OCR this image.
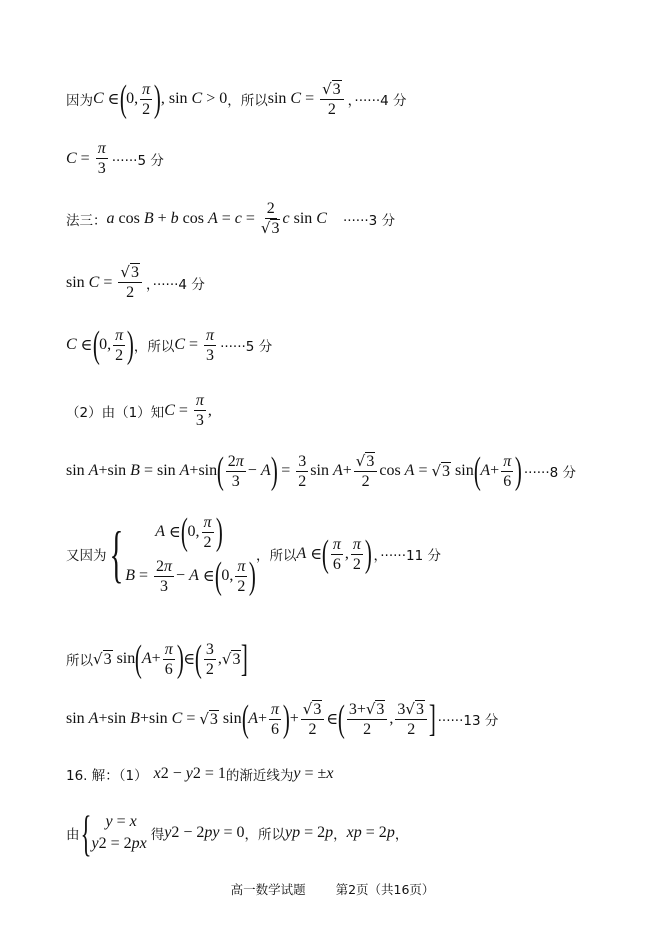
因为 C ∈ ( 0, $\frac{\pi}{2}$ ) , sin C > 0 ，所以 $\sin C = \frac{√3}{2}$ ，······4 分
$C = \frac{\pi}{3} \cdot\cdot\cdot\cdot\cdot\cdot 5$ 分
法三： a cos B + b $\cos A = c = \frac{2}{√3}$ c sin C ······3 分
$\sin C = \frac{√3}{2}$ ，······4 分
C ∈ ( 0, $\frac{\pi}{2}$ ) ，所以 $C = \frac{\pi}{3} \cdot\cdot\cdot\cdot\cdot\cdot 5$ 分
（2）由（1）知 $C = \frac{\pi}{3}$ ,
sin A +sin B = sin A +sin ( $\frac{2\pi}{3} - A$ ) = $\frac{3}{2}$ $\sin A + \frac{√3}{2}$ cos A = √ 3 sin ( $A + \frac{\pi}{6}$ ) ······8 分
又因为 { A ∈ ( 0, $\frac{\pi}{2}$ )
$B = \frac{2\pi}{3} - A$ ∈ ( 0, $\frac{\pi}{2}$ ) ，所以 A ∈ ( $\frac{\pi}{6}$ , $\frac{\pi}{2}$ ) ，······11 分
所以 √ 3 sin ( $A + \frac{\pi}{6}$ ) ∈ ( $\frac{3}{2}$ , √ 3 ]
sin A +sin B +sin C = √ 3 sin ( $A + \frac{\pi}{6}$ ) + $\frac{√3}{2}$ ∈ ( $\frac{3+√3}{2}$ , $\frac{3√3}{2}$ ] ······13 分
16. 解：（1） x 2 − y 2 = 1 的渐近线为 y = ± x
由 { y = x
y 2 = 2 px 得 y 2 − 2 py = 0 ，所以 y p = 2 p ， x p = 2 p ，
高一数学试题 第2页（共16页）
